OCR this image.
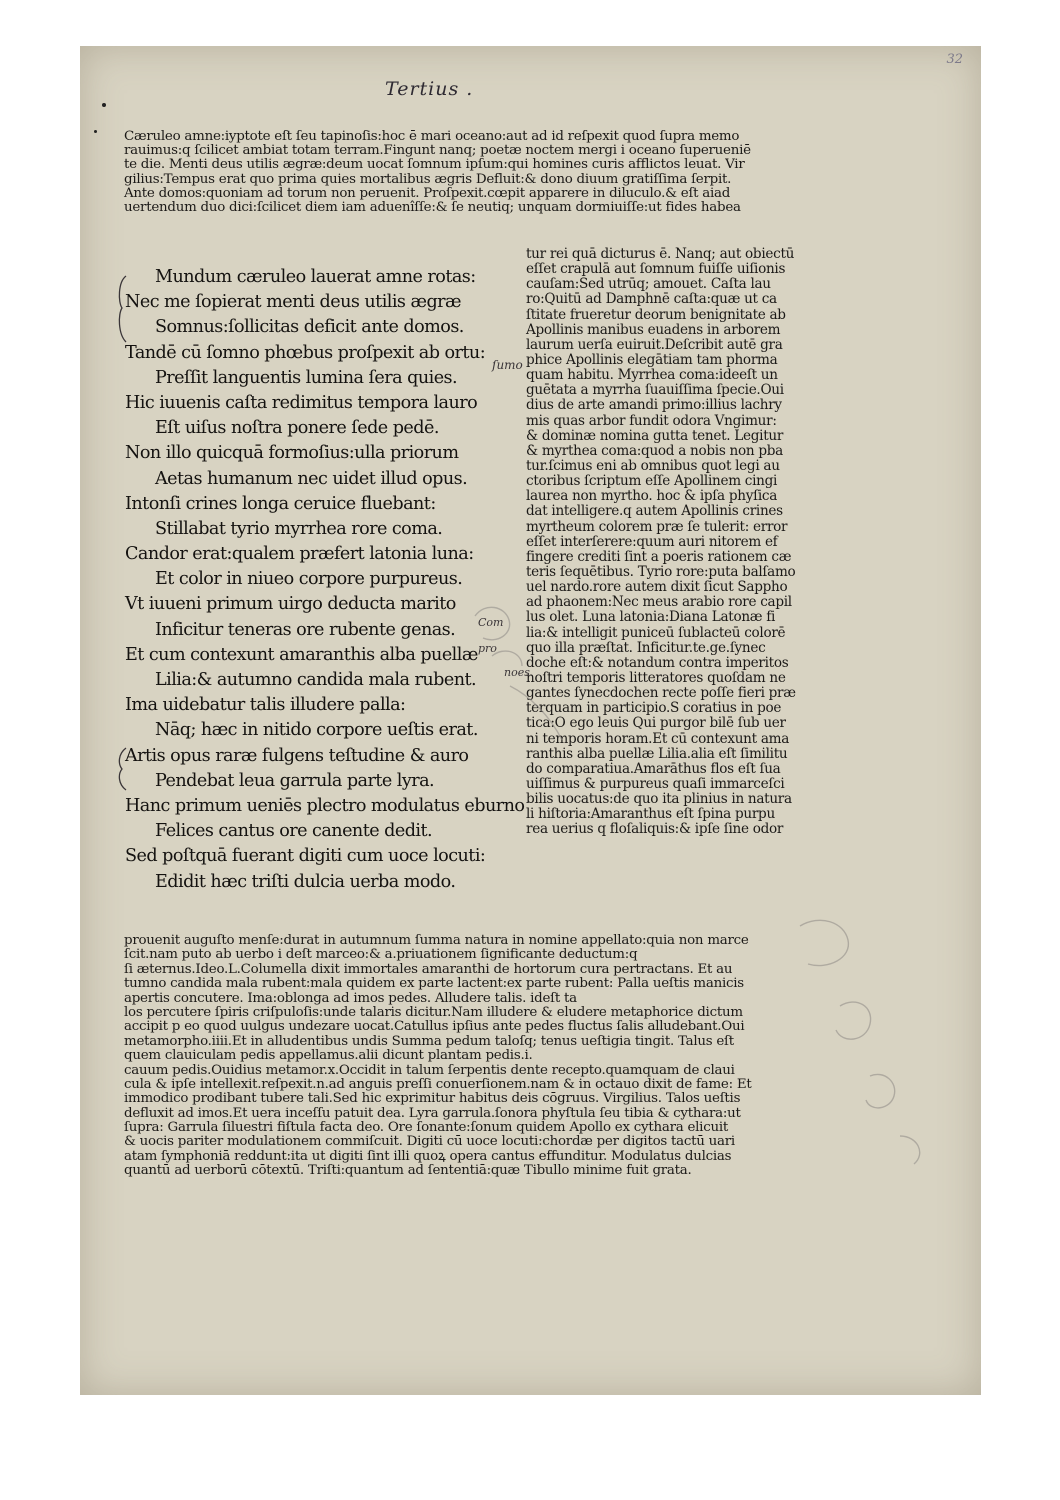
32
Tertius .
Cæruleo amne:iyptote eſt ſeu tapinoſis:hoc ē mari oceano:aut ad id reſpexit quod ſupra memo
rauimus:q ſcilicet ambiat totam terram.Fingunt nanq; poetæ noctem mergi i oceano ſuperueniē
te die. Menti deus utilis ægræ:deum uocat ſomnum ipſum:qui homines curis afflictos leuat. Vir
gilius:Tempus erat quo prima quies mortalibus ægris Defluit:& dono diuum gratiſſima ſerpit.
Ante domos:quoniam ad torum non peruenit. Proſpexit.cœpit apparere in diluculo.& eſt aiad
uertendum duo dici:ſcilicet diem iam aduenîſſe:& ſe neutiq; unquam dormiuiſſe:ut fides habea
Mundum cæruleo lauerat amne rotas:
Nec me ſopierat menti deus utilis ægræ
Somnus:ſollicitas deficit ante domos.
Tandē cū ſomno phœbus proſpexit ab ortu:
Preſſit languentis lumina ſera quies.
Hic iuuenis caſta redimitus tempora lauro
Eſt uiſus noſtra ponere ſede pedē.
Non illo quicquā formoſius:ulla priorum
Aetas humanum nec uidet illud opus.
Intonſi crines longa ceruice fluebant:
Stillabat tyrio myrrhea rore coma.
Candor erat:qualem præfert latonia luna:
Et color in niueo corpore purpureus.
Vt iuueni primum uirgo deducta marito
Inficitur teneras ore rubente genas.
Et cum contexunt amaranthis alba puellæ
Lilia:& autumno candida mala rubent.
Ima uidebatur talis illudere palla:
Nāq; hæc in nitido corpore ueſtis erat.
Artis opus raræ fulgens teſtudine & auro
Pendebat leua garrula parte lyra.
Hanc primum ueniēs plectro modulatus eburno
Felices cantus ore canente dedit.
Sed poſtquā fuerant digiti cum uoce locuti:
Edidit hæc triſti dulcia uerba modo.
tur rei quā dicturus ē. Nanq; aut obiectū
eſſet crapulā aut ſomnum fuiſſe uiſionis
cauſam:Sed utrūq; amouet. Caſta lau
ro:Quitū ad Damphnē caſta:quæ ut ca
ſtitate frueretur deorum benignitate ab
Apollinis manibus euadens in arborem
laurum uerſa euiruit.Deſcribit autē gra
phice Apollinis elegātiam tam phorma
quam habitu. Myrrhea coma:ideeſt un
guētata a myrrha ſuauiſſima ſpecie.Oui
dius de arte amandi primo:illius lachry
mis quas arbor fundit odora Vngimur:
& dominæ nomina gutta tenet. Legitur
& myrthea coma:quod a nobis non pba
tur.ſcimus eni ab omnibus quot legi au
ctoribus ſcriptum eſſe Apollinem cingi
laurea non myrtho. hoc & ipſa phyſica
dat intelligere.q autem Apollinis crines
myrtheum colorem præ ſe tulerit: error
eſſet interſerere:quum auri nitorem ef
fingere crediti ſint a poeris rationem cæ
teris ſequētibus. Tyrio rore:puta balſamo
uel nardo.rore autem dixit ſicut Sappho
ad phaonem:Nec meus arabio rore capil
lus olet. Luna latonia:Diana Latonæ fi
lia:& intelligit puniceū ſublacteū colorē
quo illa præſtat. Inficitur.te.ge.ſynec
doche eſt:& notandum contra imperitos
noſtri temporis litteratores quoſdam ne
gantes ſynecdochen recte poſſe fieri præ
terquam in participio.S coratius in poe
tica:O ego leuis Qui purgor bilē ſub uer
ni temporis horam.Et cū contexunt ama
ranthis alba puellæ Lilia.alia eſt ſimilitu
do comparatiua.Amarāthus flos eſt ſua
uiſſimus & purpureus quaſi immarceſci
bilis uocatus:de quo ita plinius in natura
li hiſtoria:Amaranthus eſt ſpina purpu
rea uerius q floſaliquis:& ipſe ſine odor
prouenit auguſto menſe:durat in autumnum ſumma natura in nomine appellato:quia non marce
ſcit.nam puto ab uerbo i deſt marceo:& a.priuationem ſignificante deductum:q
ſi æternus.Ideo.L.Columella dixit immortales amaranthi de hortorum cura pertractans. Et au
tumno candida mala rubent:mala quidem ex parte lactent:ex parte rubent: Palla ueſtis manicis
apertis concutere. Ima:oblonga ad imos pedes. Alludere talis. ideſt ta
los percutere ſpiris criſpuloſis:unde talaris dicitur.Nam illudere & eludere metaphorice dictum
accipit p eo quod uulgus undezare uocat.Catullus ipſius ante pedes fluctus ſalis alludebant.Oui
metamorpho.iiii.Et in alludentibus undis Summa pedum taloſq; tenus ueſtigia tingit. Talus eſt
quem clauiculam pedis appellamus.alii dicunt plantam pedis.i.
cauum pedis.Ouidius metamor.x.Occidit in talum ſerpentis dente recepto.quamquam de claui
cula & ipſe intellexit.reſpexit.n.ad anguis preſſi conuerſionem.nam & in octauo dixit de fame: Et
immodico prodibant tubere tali.Sed hic exprimitur habitus deis cōgruus. Virgilius. Talos ueſtis
defluxit ad imos.Et uera inceſſu patuit dea. Lyra garrula.ſonora phyſtula ſeu tibia & cythara:ut
ſupra: Garrula ſiluestri fiſtula facta deo. Ore ſonante:ſonum quidem Apollo ex cythara elicuit
& uocis pariter modulationem commiſcuit. Digiti cū uoce locuti:chordæ per digitos tactū uari
atam ſymphoniā reddunt:ita ut digiti ſint illi quoꝝ opera cantus effunditur. Modulatus dulcias
quantū ad uerborū cōtextū. Triſti:quantum ad ſententiā:quæ Tibullo minime fuit grata.
ſumo
Com
pro
noes
